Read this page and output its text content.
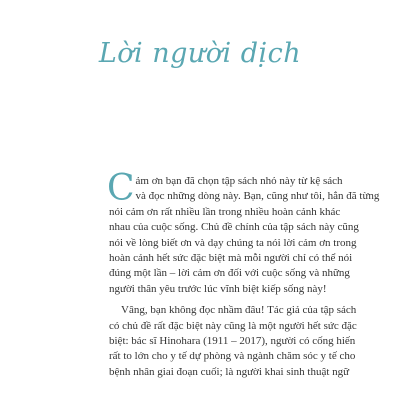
Lời người dịch
C ảm ơn bạn đã chọn tập sách nhỏ này từ kệ sách
và đọc những dòng này. Bạn, cũng như tôi, hẳn đã từng
nói cảm ơn rất nhiều lần trong nhiều hoàn cảnh khác
nhau của cuộc sống. Chủ đề chính của tập sách này cũng
nói về lòng biết ơn và dạy chúng ta nói lời cảm ơn trong
hoàn cảnh hết sức đặc biệt mà mỗi người chỉ có thể nói
đúng một lần – lời cảm ơn đối với cuộc sống và những
người thân yêu trước lúc vĩnh biệt kiếp sống này!
Vâng, bạn không đọc nhầm đâu! Tác giả của tập sách
có chủ đề rất đặc biệt này cũng là một người hết sức đặc
biệt: bác sĩ Hinohara (1911 – 2017), người có cống hiến
rất to lớn cho y tế dự phòng và ngành chăm sóc y tế cho
bệnh nhân giai đoạn cuối; là người khai sinh thuật ngữ
